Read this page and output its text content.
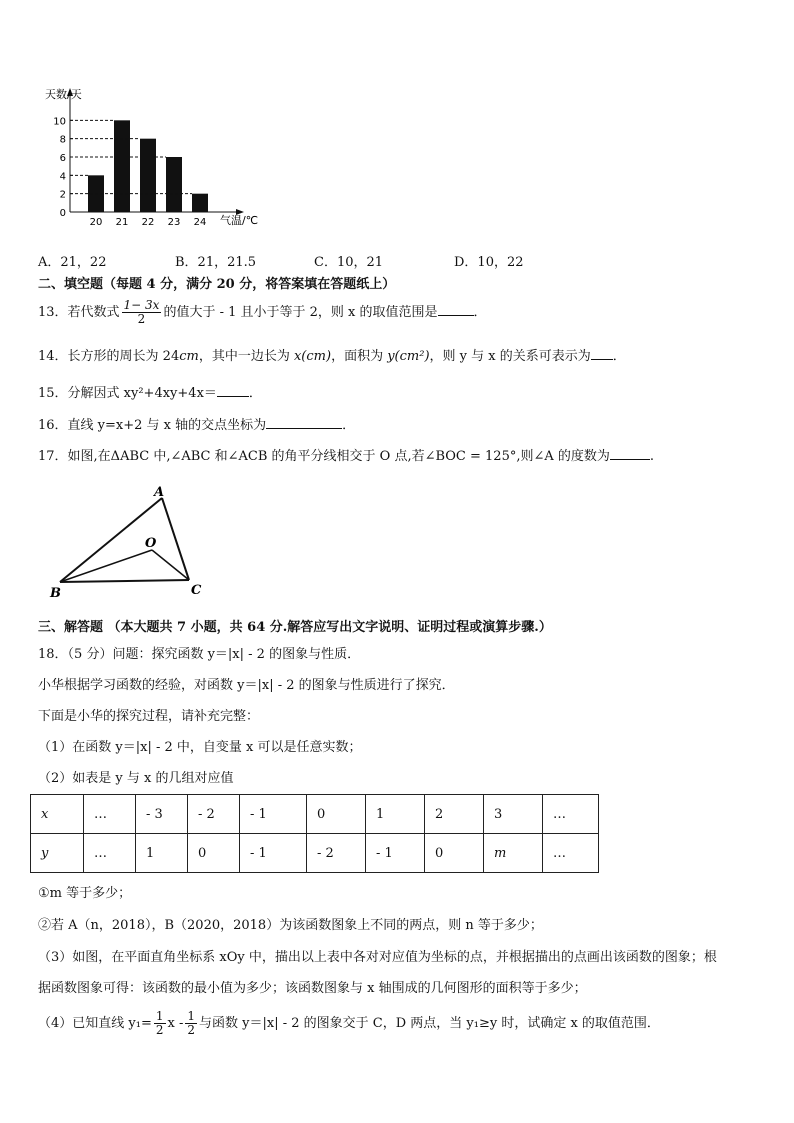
0
2
4
6
8
10
20 21 22 23 24
天数/天
气温/℃
A．21，22	B．21，21.5	C．10，21	D．10，22
二、填空题（每题 4 分，满分 20 分，将答案填在答题纸上）
13．若代数式 $\frac{1- 3x}{2}$ 的值大于 - 1 且小于等于 2，则 x 的取值范围是	．
14．长方形的周长为 24cm，其中一边长为 x(cm)，面积为 y(cm²)，则 y 与 x 的关系可表示为 ．
15．分解因式 xy²+4xy+4x＝ ．
16．直线 y=x+2 与 x 轴的交点坐标为	．
17．如图,在ΔABC 中,∠ABC 和∠ACB 的角平分线相交于 O 点,若∠BOC = 125°,则∠A 的度数为	.
A
B	C
O
三、解答题 （本大题共 7 小题，共 64 分.解答应写出文字说明、证明过程或演算步骤.）
18．（5 分）问题：探究函数 y＝|x| - 2 的图象与性质．
小华根据学习函数的经验，对函数 y＝|x| - 2 的图象与性质进行了探究．
下面是小华的探究过程，请补充完整：
（1）在函数 y＝|x| - 2 中，自变量 x 可以是任意实数；
（2）如表是 y 与 x 的几组对应值
x	…	- 3	- 2	- 1	0	1	2	3	…
y	…	1	0	- 1	- 2	- 1	0	m	…
①m 等于多少；
②若 A（n，2018），B（2020，2018）为该函数图象上不同的两点，则 n 等于多少；
（3）如图，在平面直角坐标系 xOy 中，描出以上表中各对对应值为坐标的点，并根据描出的点画出该函数的图象；根
据函数图象可得：该函数的最小值为多少；该函数图象与 x 轴围成的几何图形的面积等于多少；
（4）已知直线 $y_1= \frac{1}{2}$ x - $\frac{1}{2}$ 与函数 y＝|x| - 2 的图象交于 C，D 两点，当 y₁≥y 时，试确定 x 的取值范围．
